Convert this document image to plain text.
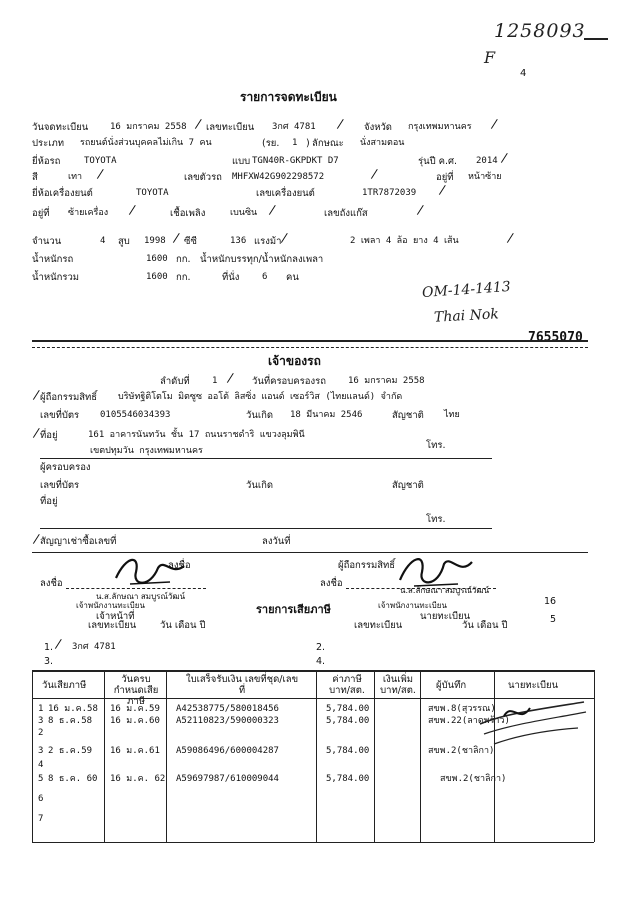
1258093
F
4
รายการจดทะเบียน
วันจดทะเบียน 16 มกราคม 2558 / เลขทะเบียน 3กศ 4781 / จังหวัด กรุงเทพมหานคร /
ประเภท รถยนต์นั่งส่วนบุคคลไม่เกิน 7 คน	(รย. 1 ) ลักษณะ นั่งสามตอน
ยี่ห้อรถ	TOYOTA	แบบ TGN40R-GKPDKT D7	รุ่นปี ค.ศ. 2014 /
สี	เทา /	เลขตัวรถ MHFXW42G902298572	/	อยู่ที่ หน้าซ้าย
ยี่ห้อเครื่องยนต์	TOYOTA	เลขเครื่องยนต์	1TR7872039 /
อยู่ที่ ซ้ายเครื่อง /	เชื้อเพลิง	เบนซิน /	เลขถังแก๊ส	/
จำนวน	4 สูบ 1998 / ซีซี	136 แรงม้า
/	2 เพลา 4 ล้อ ยาง 4 เส้น	/
น้ำหนักรถ	1600 กก. น้ำหนักบรรทุก/น้ำหนักลงเพลา
น้ำหนักรวม	1600 กก.	ที่นั่ง	6 คน
OM-14-1413
Thai Nok
7655070
เจ้าของรถ
ลำดับที่ 1 / วันที่ครอบครองรถ 16 มกราคม 2558
/ ผู้ถือกรรมสิทธิ์ บริษัทฐิติโตโม มิตซูซ ออโต้ ลิสซิ่ง แอนด์ เซอร์วิส (ไทยแลนด์) จำกัด
เลขที่บัตร 0105546034393	วันเกิด 18 มีนาคม 2546	สัญชาติ ไทย
/ ที่อยู่	161 อาคารนันทวัน ชั้น 17 ถนนราชดำริ แขวงลุมพินี
เขตปทุมวัน กรุงเทพมหานคร	โทร.
ผู้ครอบครอง
เลขที่บัตร	วันเกิด	สัญชาติ
ที่อยู่
โทร.
/ สัญญาเช่าซื้อเลขที่	ลงวันที่
ลงชื่อ	ผู้ถือกรรมสิทธิ์
ลงชื่อ	ลงชื่อ
น.ส.ลักษณา สมบูรณ์วัฒน์
น.ส.ลักษณา สมบูรณ์วัฒน์
เจ้าพนักงานทะเบียน	เจ้าพนักงานทะเบียน
เจ้าหน้าที่	นายทะเบียน
16
5
รายการเสียภาษี
เลขทะเบียน วัน เดือน ปี	เลขทะเบียน	วัน เดือน ปี
1. / 3กศ 4781	2.
3.	4.
วันเสียภาษี
วันครบกำหนดเสียภาษี
ใบเสร็จรับเงิน เลขที่ชุด/เลขที่
ค่าภาษี บาท/สต.
เงินเพิ่ม บาท/สต. ผู้บันทึก	นายทะเบียน
1 16 ม.ค.58 16 ม.ค.59 A42538775/580018456	5,784.00	สขพ.8(สุวรรณ)
3 8 ธ.ค.58 16 ม.ค.60 A52110823/590000323	5,784.00	สขพ.22(ลาดพร้าว)
2
3 2 ธ.ค.59 16 ม.ค.61 A59086496/600004287	5,784.00	สขพ.2(ชาลิกา)
4
5 8 ธ.ค. 60 16 ม.ค. 62 A59697987/610009044	5,784.00	สขพ.2(ชาลิกา)
6
7
